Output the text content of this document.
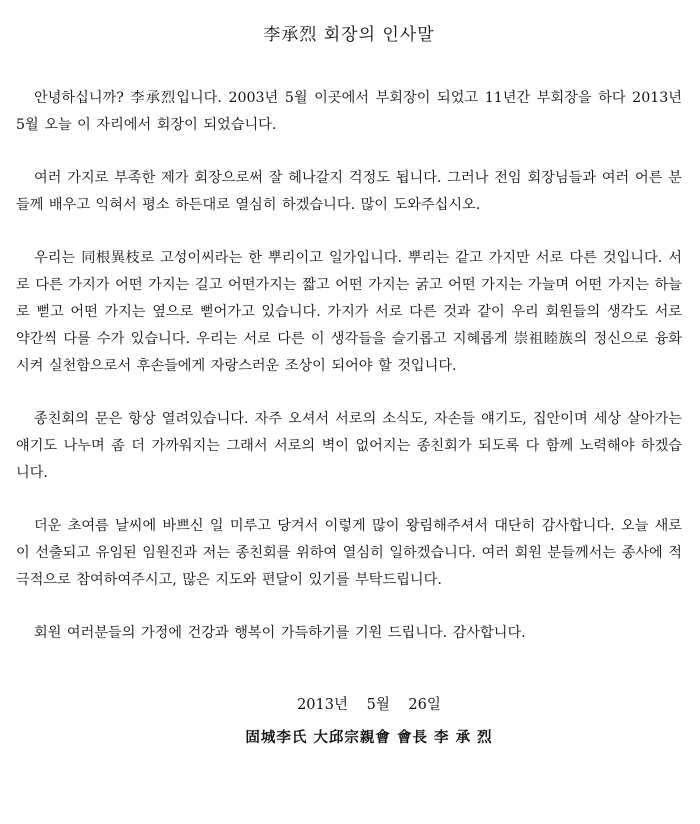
李承烈 회장의 인사말

안녕하십니까? 李承烈입니다. 2003년 5월 이곳에서 부회장이 되었고 11년간 부회장을 하다 2013년 5월 오늘 이 자리에서 회장이 되었습니다.

여러 가지로 부족한 제가 회장으로써 잘 헤나갈지 걱정도 됩니다. 그러나 전임 회장님들과 여러 어른 분들께 배우고 익혀서 평소 하든대로 열심히 하겠습니다. 많이 도와주십시오.

우리는 同根異枝로 고성이씨라는 한 뿌리이고 일가입니다. 뿌리는 같고 가지만 서로 다른 것입니다. 서로 다른 가지가 어떤 가지는 길고 어떤가지는 짧고 어떤 가지는 굵고 어떤 가지는 가늘며 어떤 가지는 하늘로 뻗고 어떤 가지는 옆으로 뻗어가고 있습니다. 가지가 서로 다른 것과 같이 우리 회원들의 생각도 서로 약간씩 다를 수가 있습니다. 우리는 서로 다른 이 생각들을 슬기롭고 지혜롭게 崇祖睦族의 정신으로 융화시켜 실천함으로서 후손들에게 자랑스러운 조상이 되어야 할 것입니다.

종친회의 문은 항상 열려있습니다. 자주 오셔서 서로의 소식도, 자손들 얘기도, 집안이며 세상 살아가는 얘기도 나누며 좀 더 가까워지는 그래서 서로의 벽이 없어지는 종친회가 되도록 다 함께 노력해야 하겠습니다.

더운 초여름 날씨에 바쁘신 일 미루고 당겨서 이렇게 많이 왕림해주셔서 대단히 감사합니다. 오늘 새로이 선출되고 유임된 임원진과 저는 종친회를 위하여 열심히 일하겠습니다. 여러 회원 분들께서는 종사에 적극적으로 참여하여주시고, 많은 지도와 편달이 있기를 부탁드립니다.

회원 여러분들의 가정에 건강과 행복이 가득하기를 기원 드립니다. 감사합니다.

2013년 5월 26일
固城李氏 大邱宗親會 會長 李 承 烈
